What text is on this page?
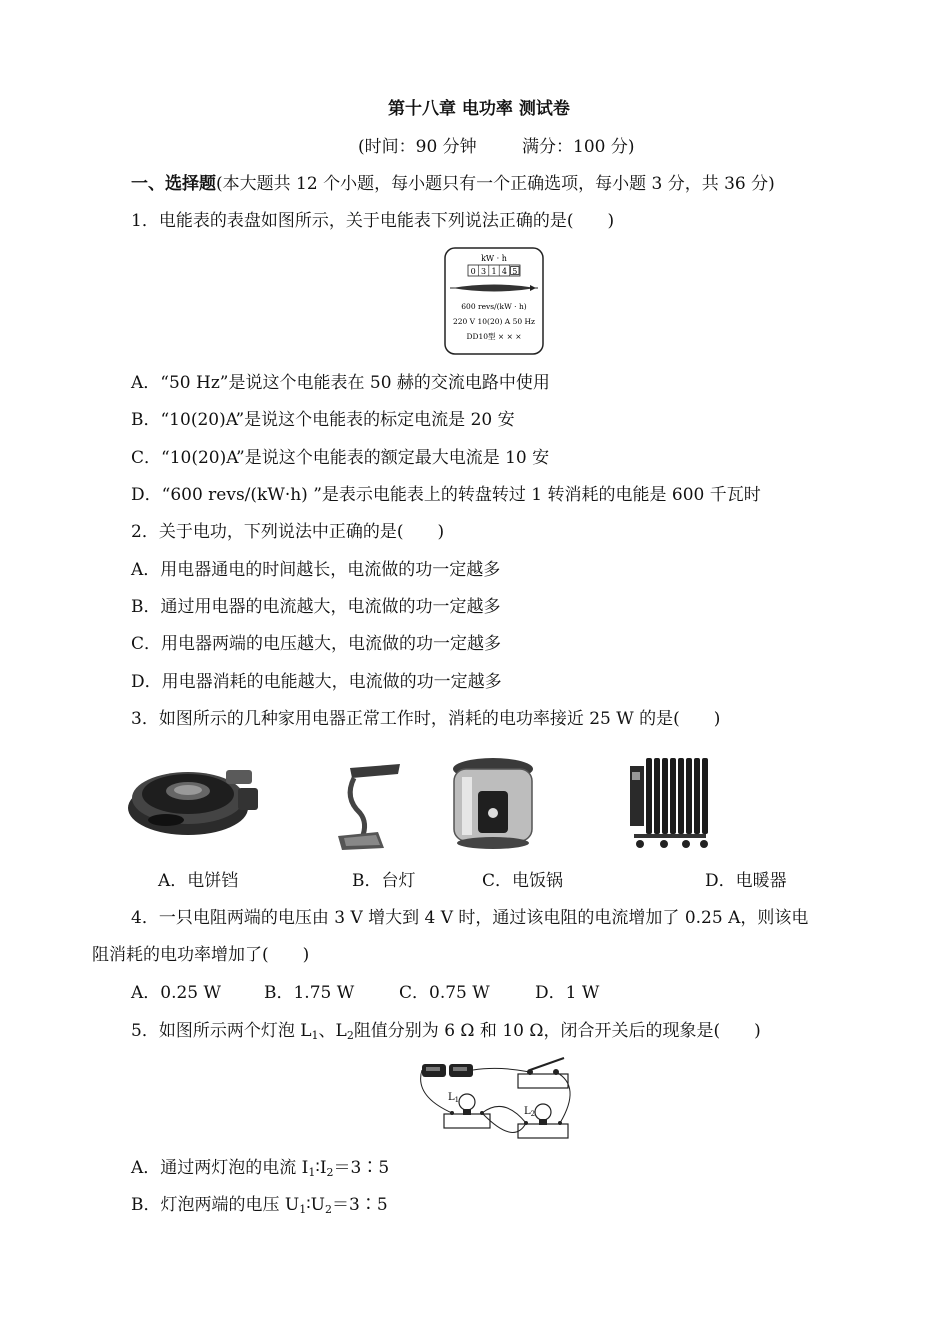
第十八章 电功率 测试卷
(时间：90 分钟	满分：100 分)
一、选择题(本大题共 12 个小题，每小题只有一个正确选项，每小题 3 分，共 36 分)
1．电能表的表盘如图所示，关于电能表下列说法正确的是(　　)
kW · h
0 3 1 4 5
600 revs/(kW · h)
220 V 10(20) A 50 Hz
DD10型 × × ×
A．“50 Hz”是说这个电能表在 50 赫的交流电路中使用
B．“10(20)A”是说这个电能表的标定电流是 20 安
C．“10(20)A”是说这个电能表的额定最大电流是 10 安
D．“600 revs/(kW·h) ”是表示电能表上的转盘转过 1 转消耗的电能是 600 千瓦时
2．关于电功，下列说法中正确的是(　　)
A．用电器通电的时间越长，电流做的功一定越多
B．通过用电器的电流越大，电流做的功一定越多
C．用电器两端的电压越大，电流做的功一定越多
D．用电器消耗的电能越大，电流做的功一定越多
3．如图所示的几种家用电器正常工作时，消耗的电功率接近 25 W 的是(　　)
A．电饼铛	B．台灯	C．电饭锅	D．电暖器
4．一只电阻两端的电压由 3 V 增大到 4 V 时，通过该电阻的电流增加了 0.25 A，则该电
阻消耗的电功率增加了(　　)
A．0.25 W	B．1.75 W	C．0.75 W	D．1 W
5．如图所示两个灯泡 $L_1$、$L_2$阻值分别为 6 Ω 和 10 Ω，闭合开关后的现象是(　　)
$L_1$
$L_2$
A．通过两灯泡的电流 $I_1∶I_2=3∶5$
B．灯泡两端的电压 $U_1∶U_2=3∶5$
